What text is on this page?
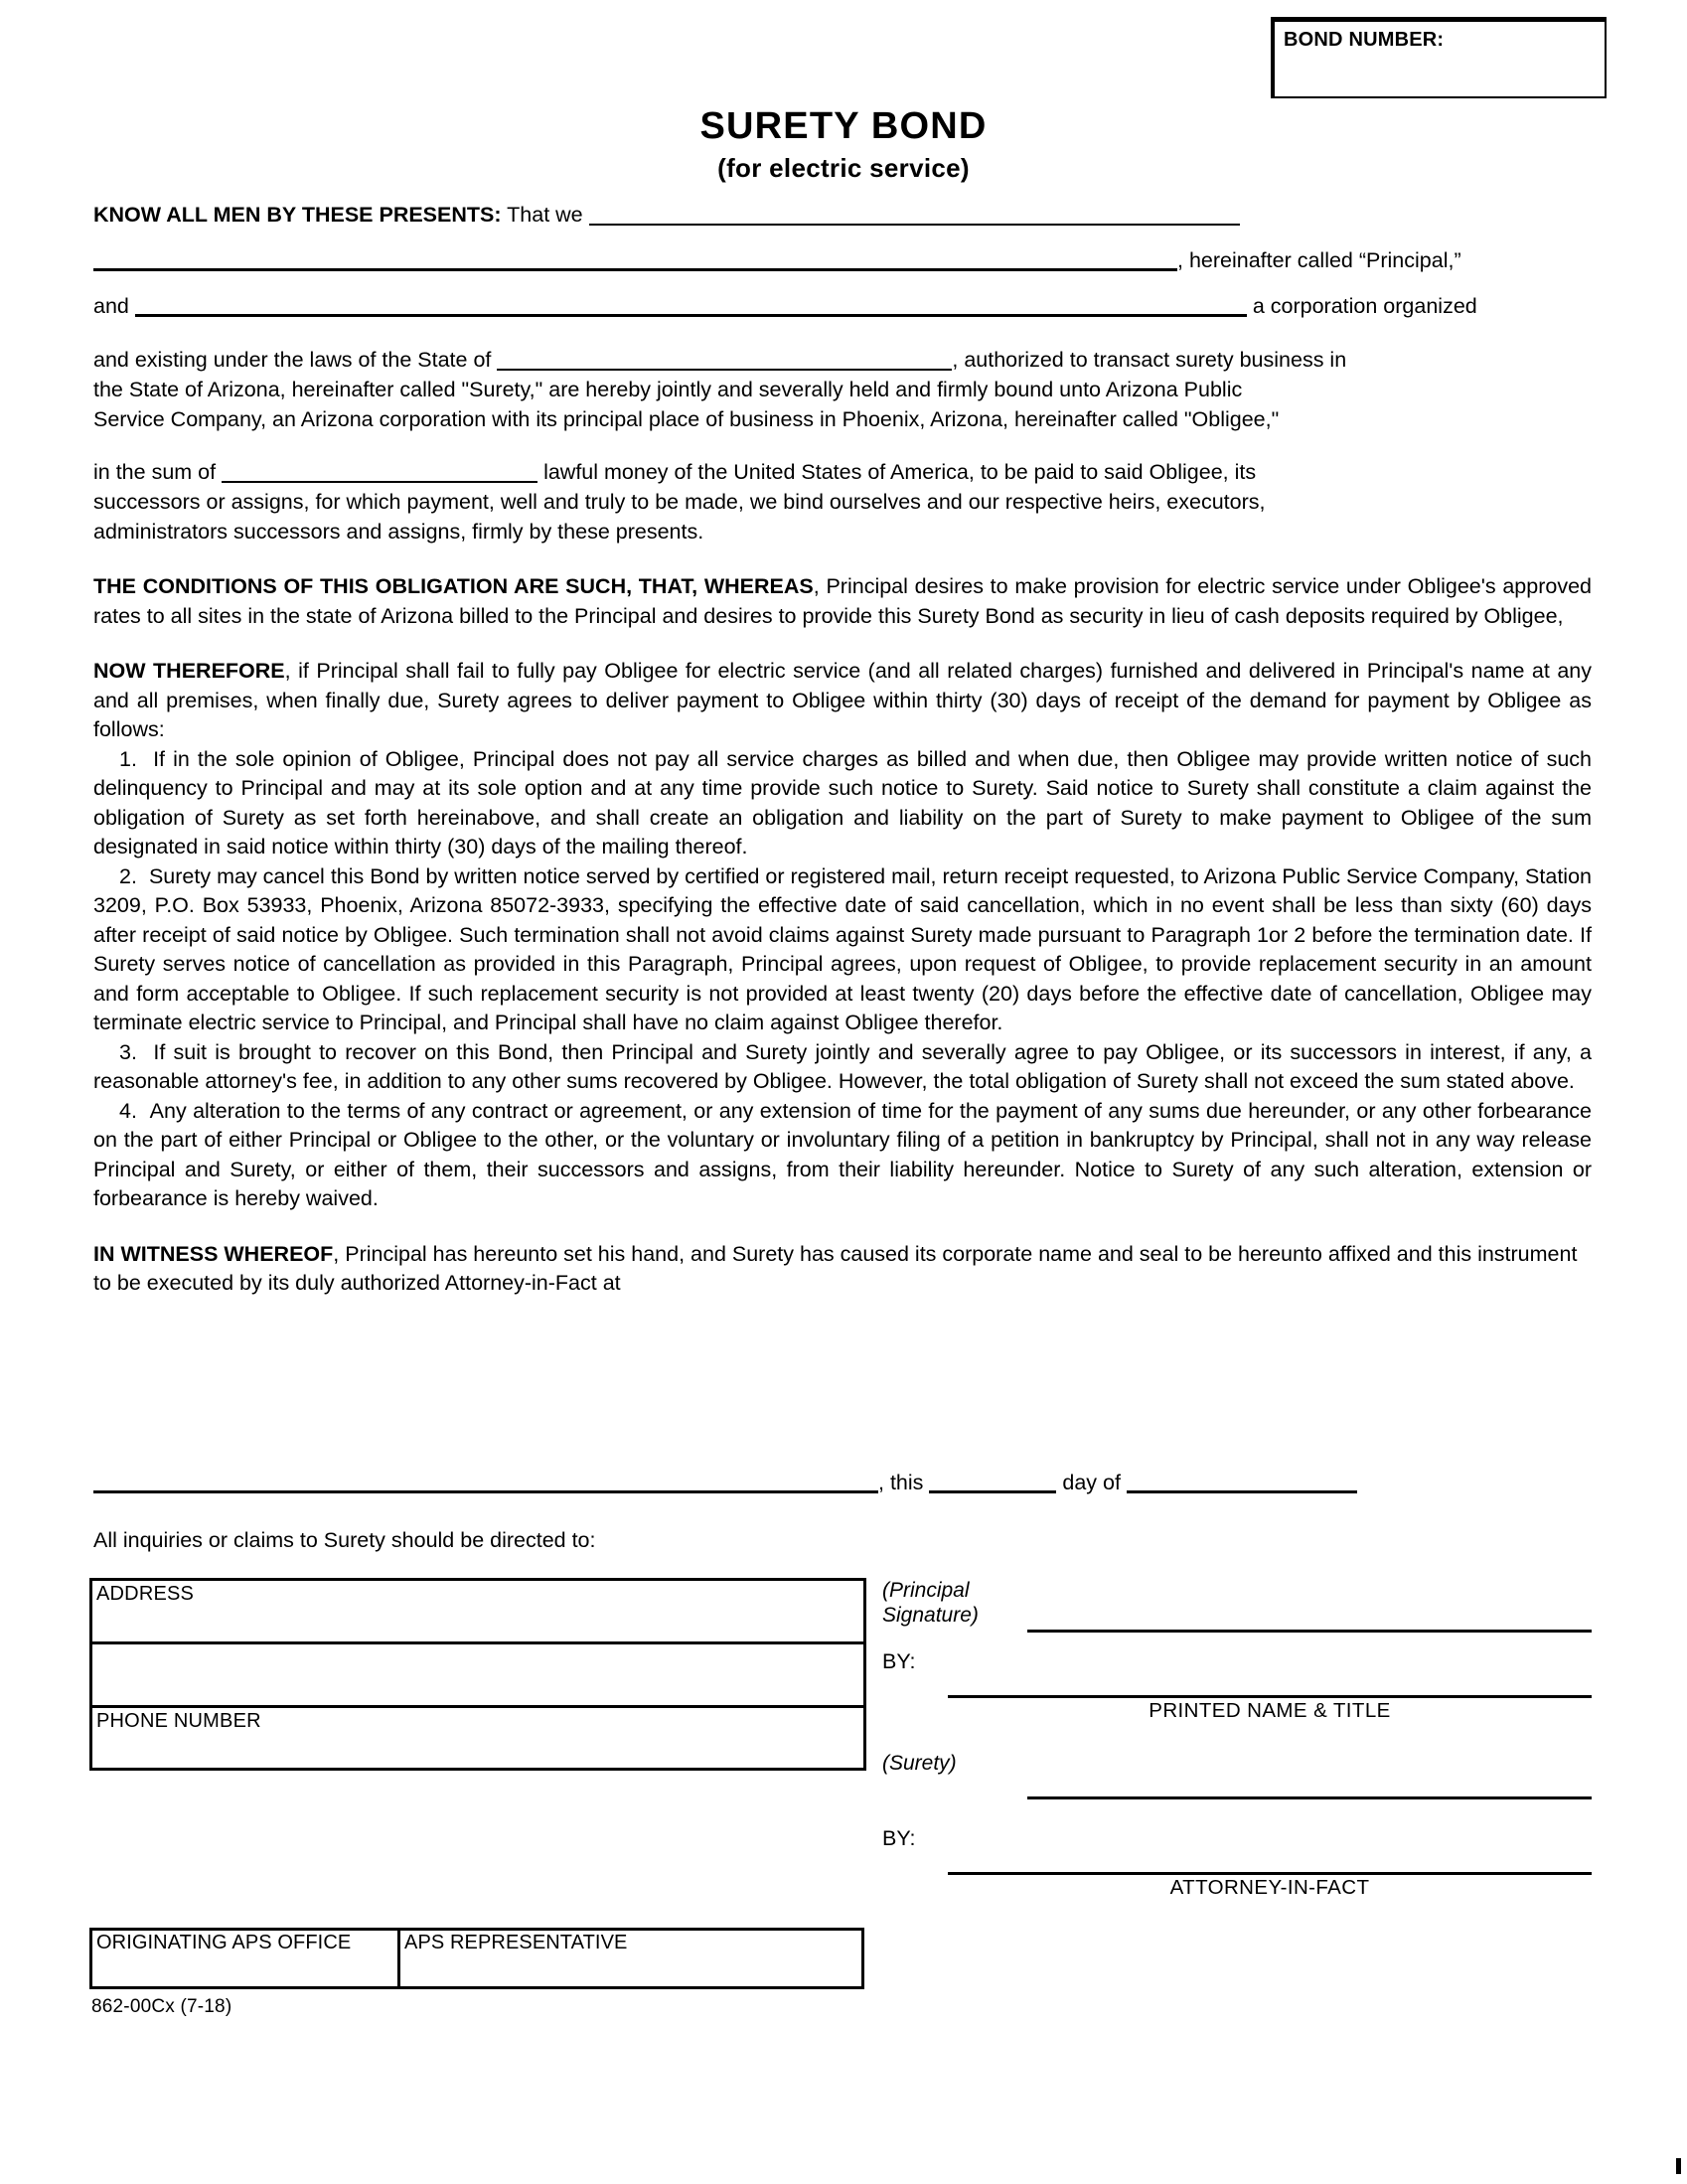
BOND NUMBER:
SURETY BOND
(for electric service)
KNOW ALL MEN BY THESE PRESENTS: That we
, hereinafter called “Principal,”
and	a corporation organized
and existing under the laws of the State of	, authorized to transact surety business in
the State of Arizona, hereinafter called "Surety," are hereby jointly and severally held and firmly bound unto Arizona Public
Service Company, an Arizona corporation with its principal place of business in Phoenix, Arizona, hereinafter called "Obligee,"
in the sum of	lawful money of the United States of America, to be paid to said Obligee, its
successors or assigns, for which payment, well and truly to be made, we bind ourselves and our respective heirs, executors,
administrators successors and assigns, firmly by these presents.

THE CONDITIONS OF THIS OBLIGATION ARE SUCH, THAT, WHEREAS, Principal desires to make provision for electric service under Obligee's approved rates to all sites in the state of Arizona billed to the Principal and desires to provide this Surety Bond as security in lieu of cash deposits required by Obligee,

NOW THEREFORE, if Principal shall fail to fully pay Obligee for electric service (and all related charges) furnished and delivered in Principal's name at any and all premises, when finally due, Surety agrees to deliver payment to Obligee within thirty (30) days of receipt of the demand for payment by Obligee as follows:

1. If in the sole opinion of Obligee, Principal does not pay all service charges as billed and when due, then Obligee may provide written notice of such delinquency to Principal and may at its sole option and at any time provide such notice to Surety. Said notice to Surety shall constitute a claim against the obligation of Surety as set forth hereinabove, and shall create an obligation and liability on the part of Surety to make payment to Obligee of the sum designated in said notice within thirty (30) days of the mailing thereof.

2. Surety may cancel this Bond by written notice served by certified or registered mail, return receipt requested, to Arizona Public Service Company, Station 3209, P.O. Box 53933, Phoenix, Arizona 85072-3933, specifying the effective date of said cancellation, which in no event shall be less than sixty (60) days after receipt of said notice by Obligee. Such termination shall not avoid claims against Surety made pursuant to Paragraph 1or 2 before the termination date. If Surety serves notice of cancellation as provided in this Paragraph, Principal agrees, upon request of Obligee, to provide replacement security in an amount and form acceptable to Obligee. If such replacement security is not provided at least twenty (20) days before the effective date of cancellation, Obligee may terminate electric service to Principal, and Principal shall have no claim against Obligee therefor.

3. If suit is brought to recover on this Bond, then Principal and Surety jointly and severally agree to pay Obligee, or its successors in interest, if any, a reasonable attorney's fee, in addition to any other sums recovered by Obligee. However, the total obligation of Surety shall not exceed the sum stated above.

4. Any alteration to the terms of any contract or agreement, or any extension of time for the payment of any sums due hereunder, or any other forbearance on the part of either Principal or Obligee to the other, or the voluntary or involuntary filing of a petition in bankruptcy by Principal, shall not in any way release Principal and Surety, or either of them, their successors and assigns, from their liability hereunder. Notice to Surety of any such alteration, extension or forbearance is hereby waived.

IN WITNESS WHEREOF, Principal has hereunto set his hand, and Surety has caused its corporate name and seal to be hereunto affixed and this instrument to be executed by its duly authorized Attorney-in-Fact at

, this	day of
All inquiries or claims to Surety should be directed to:
ADDRESS
PHONE NUMBER
(Principal
Signature)
BY:
PRINTED NAME & TITLE
(Surety)
BY:
ATTORNEY-IN-FACT
ORIGINATING APS OFFICE	APS REPRESENTATIVE
862-00Cx (7-18)
